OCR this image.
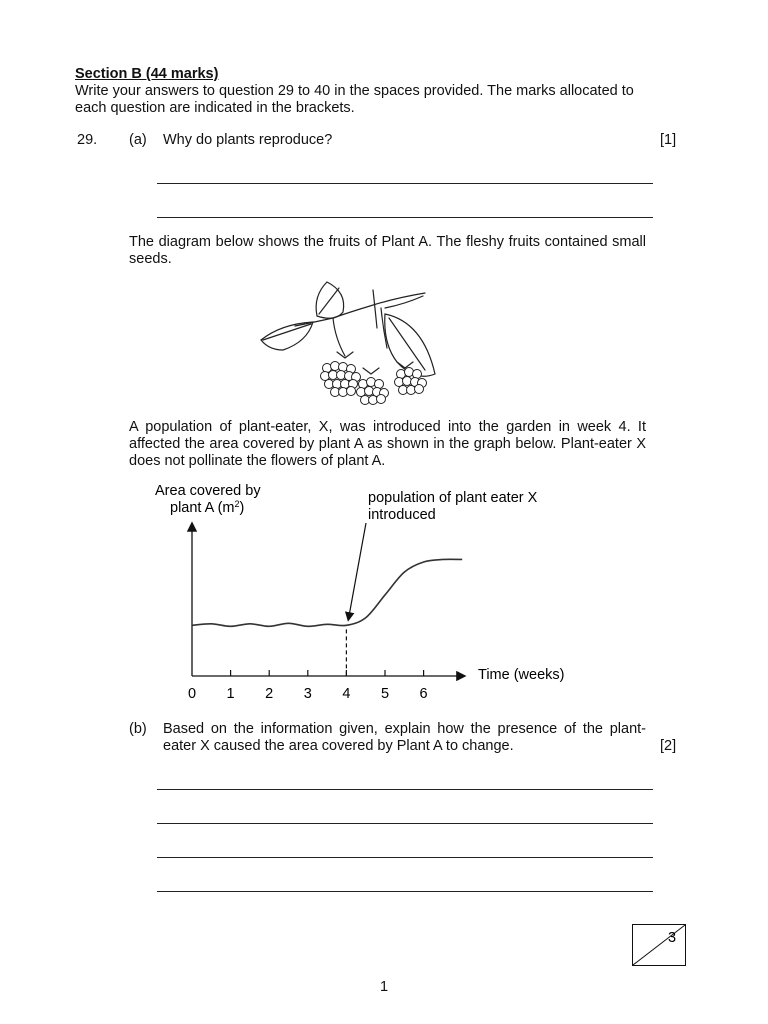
Section B (44 marks)
Write your answers to question 29 to 40 in the spaces provided. The marks allocated to each question are indicated in the brackets.
29. (a) Why do plants reproduce?	[1]
The diagram below shows the fruits of Plant A. The fleshy fruits contained small seeds.
A population of plant-eater, X, was introduced into the garden in week 4. It affected the area covered by plant A as shown in the graph below. Plant-eater X does not pollinate the flowers of plant A.
Area covered by
plant A $(m^2)$
population of plant eater X
introduced
Time (weeks)
0 1 2 3 4 5 6
(b) Based on the information given, explain how the presence of the plant-eater X caused the area covered by Plant A to change.	[2]
3
1
